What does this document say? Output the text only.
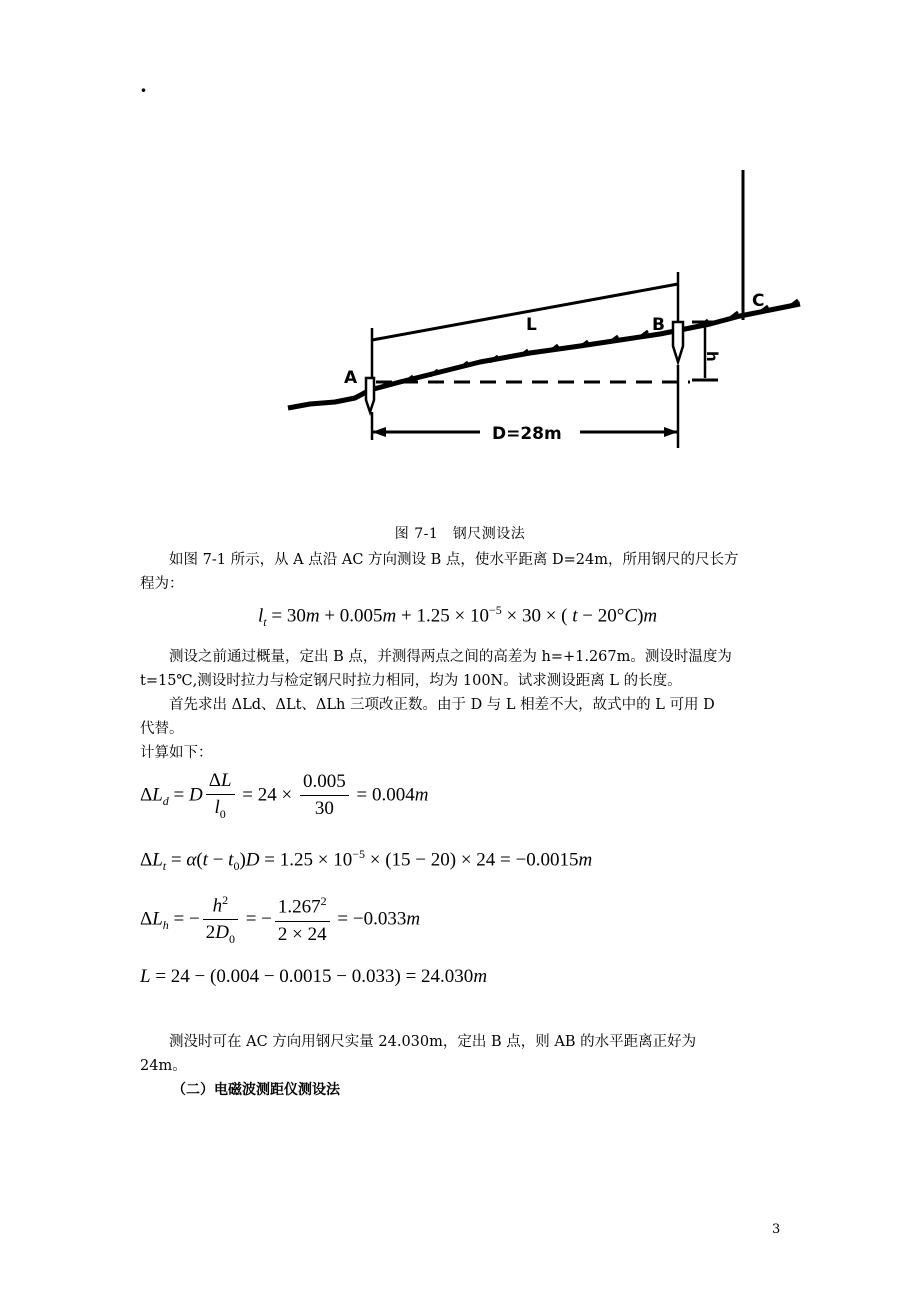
·
A
B
C
L
h
D=28m
图 7-1　钢尺测设法
如图 7-1 所示，从 A 点沿 AC 方向测设 B 点，使水平距离 D=24m，所用钢尺的尺长方
程为：
$l_t = 30m + 0.005m + 1.25 \times 10^{-5} \times 30$ × ( t − 20°C)m
测设之前通过概量，定出 B 点，并测得两点之间的高差为 h=+1.267m。测设时温度为
t=15℃,测设时拉力与检定钢尺时拉力相同，均为 100N。试求测设距离 L 的长度。
首先求出 ΔLd、ΔLt、ΔLh 三项改正数。由于 D 与 L 相差不大，故式中的 L 可用 D
代替。
计算如下：
$\Delta L_d = D \frac{\Delta L}{l_0} = 24 \times \frac{0.005}{30} = 0.004m$
$\Delta L_t = \alpha(t - t_0)D = 1.25 \times 10^{-5} \times (15 - 20) \times 24 = -0.0015m$
$\Delta L_h$ = − $\frac{h^2}{2D_0}$ = − $\frac{1.267^2}{2 \times 24} = -0.033m$
L = 24 − (0.004 − 0.0015 − 0.033) = 24.030m
测没时可在 AC 方向用钢尺实量 24.030m，定出 B 点，则 AB 的水平距离正好为
24m。
（二）电磁波测距仪测设法
3
